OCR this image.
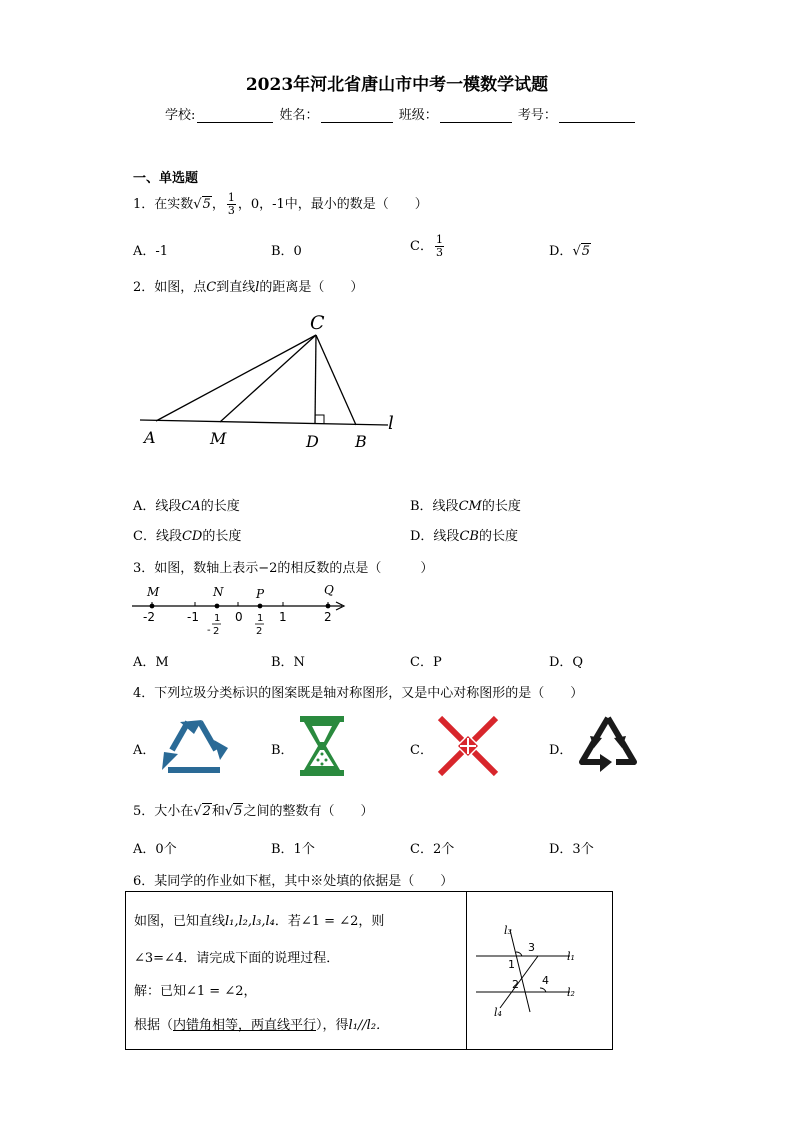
2023年河北省唐山市中考一模数学试题
学校:	姓名：	班级：	考号：
一、单选题
1．在实数√5， $\frac{1}{3}$ ，0，-1中，最小的数是（　　）
A．-1	B．0	C． $\frac{1}{3}$	D．√5
2．如图，点C到直线l的距离是（　　）
C
A	M	D B
l
A．线段CA的长度	B．线段CM的长度
C．线段CD的长度	D．线段CB的长度
3．如图，数轴上表示−2的相反数的点是（　　　）
M	N	P	Q
-2	-1	0	1	2
-
1
2
1
2
A．M	B．N	C．P	D．Q
4．下列垃圾分类标识的图案既是轴对称图形，又是中心对称图形的是（　　）
A．	B．	C．	D．
5．大小在√2和√5之间的整数有（　　）
A．0个	B．1个	C．2个	D．3个
6．某同学的作业如下框，其中※处填的依据是（　　）
如图，已知直线l₁,l₂,l₃,l₄．若∠1 = ∠2，则
∠3=∠4．请完成下面的说理过程．
解：已知∠1 = ∠2，
根据（内错角相等，两直线平行），得l₁//l₂．
l₃
l₁
l₂
l₄
1
2
3
4
